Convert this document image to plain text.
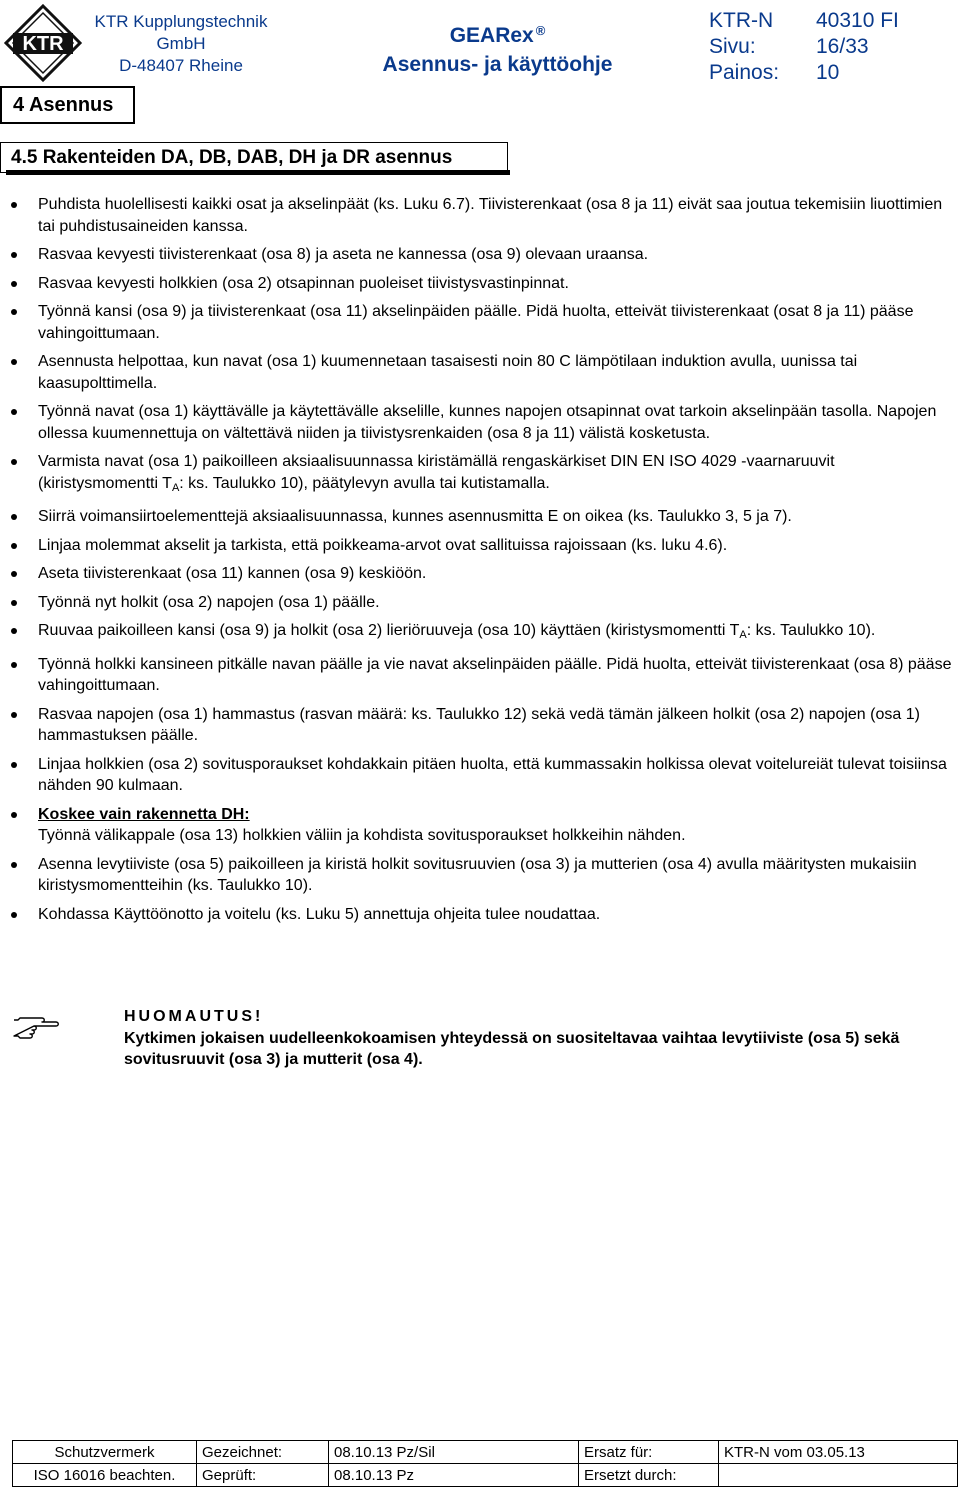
KTR
KTR Kupplungstechnik
GmbH
D-48407 Rheine
GEARex ®
Asennus- ja käyttöohje
KTR-N	40310 FI
Sivu:	16/33
Painos:	10
4 Asennus
4.5 Rakenteiden DA, DB, DAB, DH ja DR asennus
Puhdista huolellisesti kaikki osat ja akselinpäät (ks. Luku 6.7). Tiivisterenkaat (osa 8 ja 11) eivät saa joutua tekemisiin liuottimien tai puhdistusaineiden kanssa.
Rasvaa kevyesti tiivisterenkaat (osa 8) ja aseta ne kannessa (osa 9) olevaan uraansa.
Rasvaa kevyesti holkkien (osa 2) otsapinnan puoleiset tiivistysvastinpinnat.
Työnnä kansi (osa 9) ja tiivisterenkaat (osa 11) akselinpäiden päälle. Pidä huolta, etteivät tiivisterenkaat (osat 8 ja 11) pääse vahingoittumaan.
Asennusta helpottaa, kun navat (osa 1) kuumennetaan tasaisesti noin 80 C lämpötilaan induktion avulla, uunissa tai kaasupolttimella.
Työnnä navat (osa 1) käyttävälle ja käytettävälle akselille, kunnes napojen otsapinnat ovat tarkoin akselinpään tasolla. Napojen ollessa kuumennettuja on vältettävä niiden ja tiivistysrenkaiden (osa 8 ja 11) välistä kosketusta.
Varmista navat (osa 1) paikoilleen aksiaalisuunnassa kiristämällä rengaskärkiset DIN EN ISO 4029 -vaarnaruuvit (kiristysmomentti $T_A$: ks. Taulukko 10), päätylevyn avulla tai kutistamalla.
Siirrä voimansiirtoelementtejä aksiaalisuunnassa, kunnes asennusmitta E on oikea (ks. Taulukko 3, 5 ja 7).
Linjaa molemmat akselit ja tarkista, että poikkeama-arvot ovat sallituissa rajoissaan (ks. luku 4.6).
Aseta tiivisterenkaat (osa 11) kannen (osa 9) keskiöön.
Työnnä nyt holkit (osa 2) napojen (osa 1) päälle.
Ruuvaa paikoilleen kansi (osa 9) ja holkit (osa 2) lieriöruuveja (osa 10) käyttäen (kiristysmomentti $T_A$: ks. Taulukko 10).
Työnnä holkki kansineen pitkälle navan päälle ja vie navat akselinpäiden päälle. Pidä huolta, etteivät tiivisterenkaat (osa 8) pääse vahingoittumaan.
Rasvaa napojen (osa 1) hammastus (rasvan määrä: ks. Taulukko 12) sekä vedä tämän jälkeen holkit (osa 2) napojen (osa 1) hammastuksen päälle.
Linjaa holkkien (osa 2) sovitusporaukset kohdakkain pitäen huolta, että kummassakin holkissa olevat voitelureiät tulevat toisiinsa nähden 90 kulmaan.
Koskee vain rakennetta DH:
Työnnä välikappale (osa 13) holkkien väliin ja kohdista sovitusporaukset holkkeihin nähden.
Asenna levytiiviste (osa 5) paikoilleen ja kiristä holkit sovitusruuvien (osa 3) ja mutterien (osa 4) avulla määritysten mukaisiin kiristysmomentteihin (ks. Taulukko 10).
Kohdassa Käyttöönotto ja voitelu (ks. Luku 5) annettuja ohjeita tulee noudattaa.
HUOMAUTUS!
Kytkimen jokaisen uudelleenkokoamisen yhteydessä on suositeltavaa vaihtaa levytiiviste (osa 5) sekä sovitusruuvit (osa 3) ja mutterit (osa 4).
Schutzvermerk	Gezeichnet:	08.10.13 Pz/Sil	Ersatz für:	KTR-N vom 03.05.13
ISO 16016 beachten.	Geprüft:	08.10.13 Pz	Ersetzt durch:	
